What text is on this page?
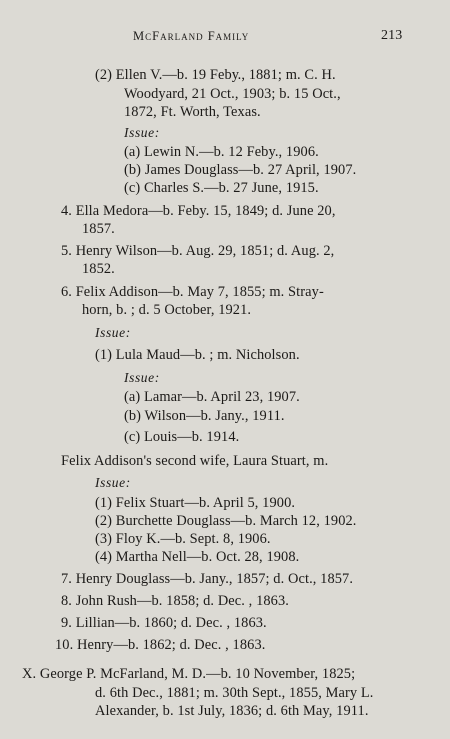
McFarland Family	213
(2) Ellen V.—b. 19 Febу., 1881; m. C. H.
Woodyard, 21 Oct., 1903; b. 15 Oct.,
1872, Ft. Worth, Texas.
Issue:
(a) Lewin N.—b. 12 Feby., 1906.
(b) James Douglass—b. 27 April, 1907.
(c) Charles S.—b. 27 June, 1915.
4. Ella Medora—b. Feby. 15, 1849; d. June 20,
1857.
5. Henry Wilson—b. Aug. 29, 1851; d. Aug. 2,
1852.
6. Felix Addison—b. May 7, 1855; m. Stray-
horn, b. ; d. 5 October, 1921.
Issue:
(1) Lula Maud—b. ; m. Nicholson.
Issue:
(a) Lamar—b. April 23, 1907.
(b) Wilson—b. Jany., 1911.
(c) Louis—b. 1914.
Felix Addison's second wife, Laura Stuart, m.
Issue:
(1) Felix Stuart—b. April 5, 1900.
(2) Burchette Douglass—b. March 12, 1902.
(3) Floy K.—b. Sept. 8, 1906.
(4) Martha Nell—b. Oct. 28, 1908.
7. Henry Douglass—b. Jany., 1857; d. Oct., 1857.
8. John Rush—b. 1858; d. Dec. , 1863.
9. Lillian—b. 1860; d. Dec. , 1863.
10. Henry—b. 1862; d. Dec. , 1863.
X. George P. McFarland, M. D.—b. 10 November, 1825;
d. 6th Dec., 1881; m. 30th Sept., 1855, Mary L.
Alexander, b. 1st July, 1836; d. 6th May, 1911.
